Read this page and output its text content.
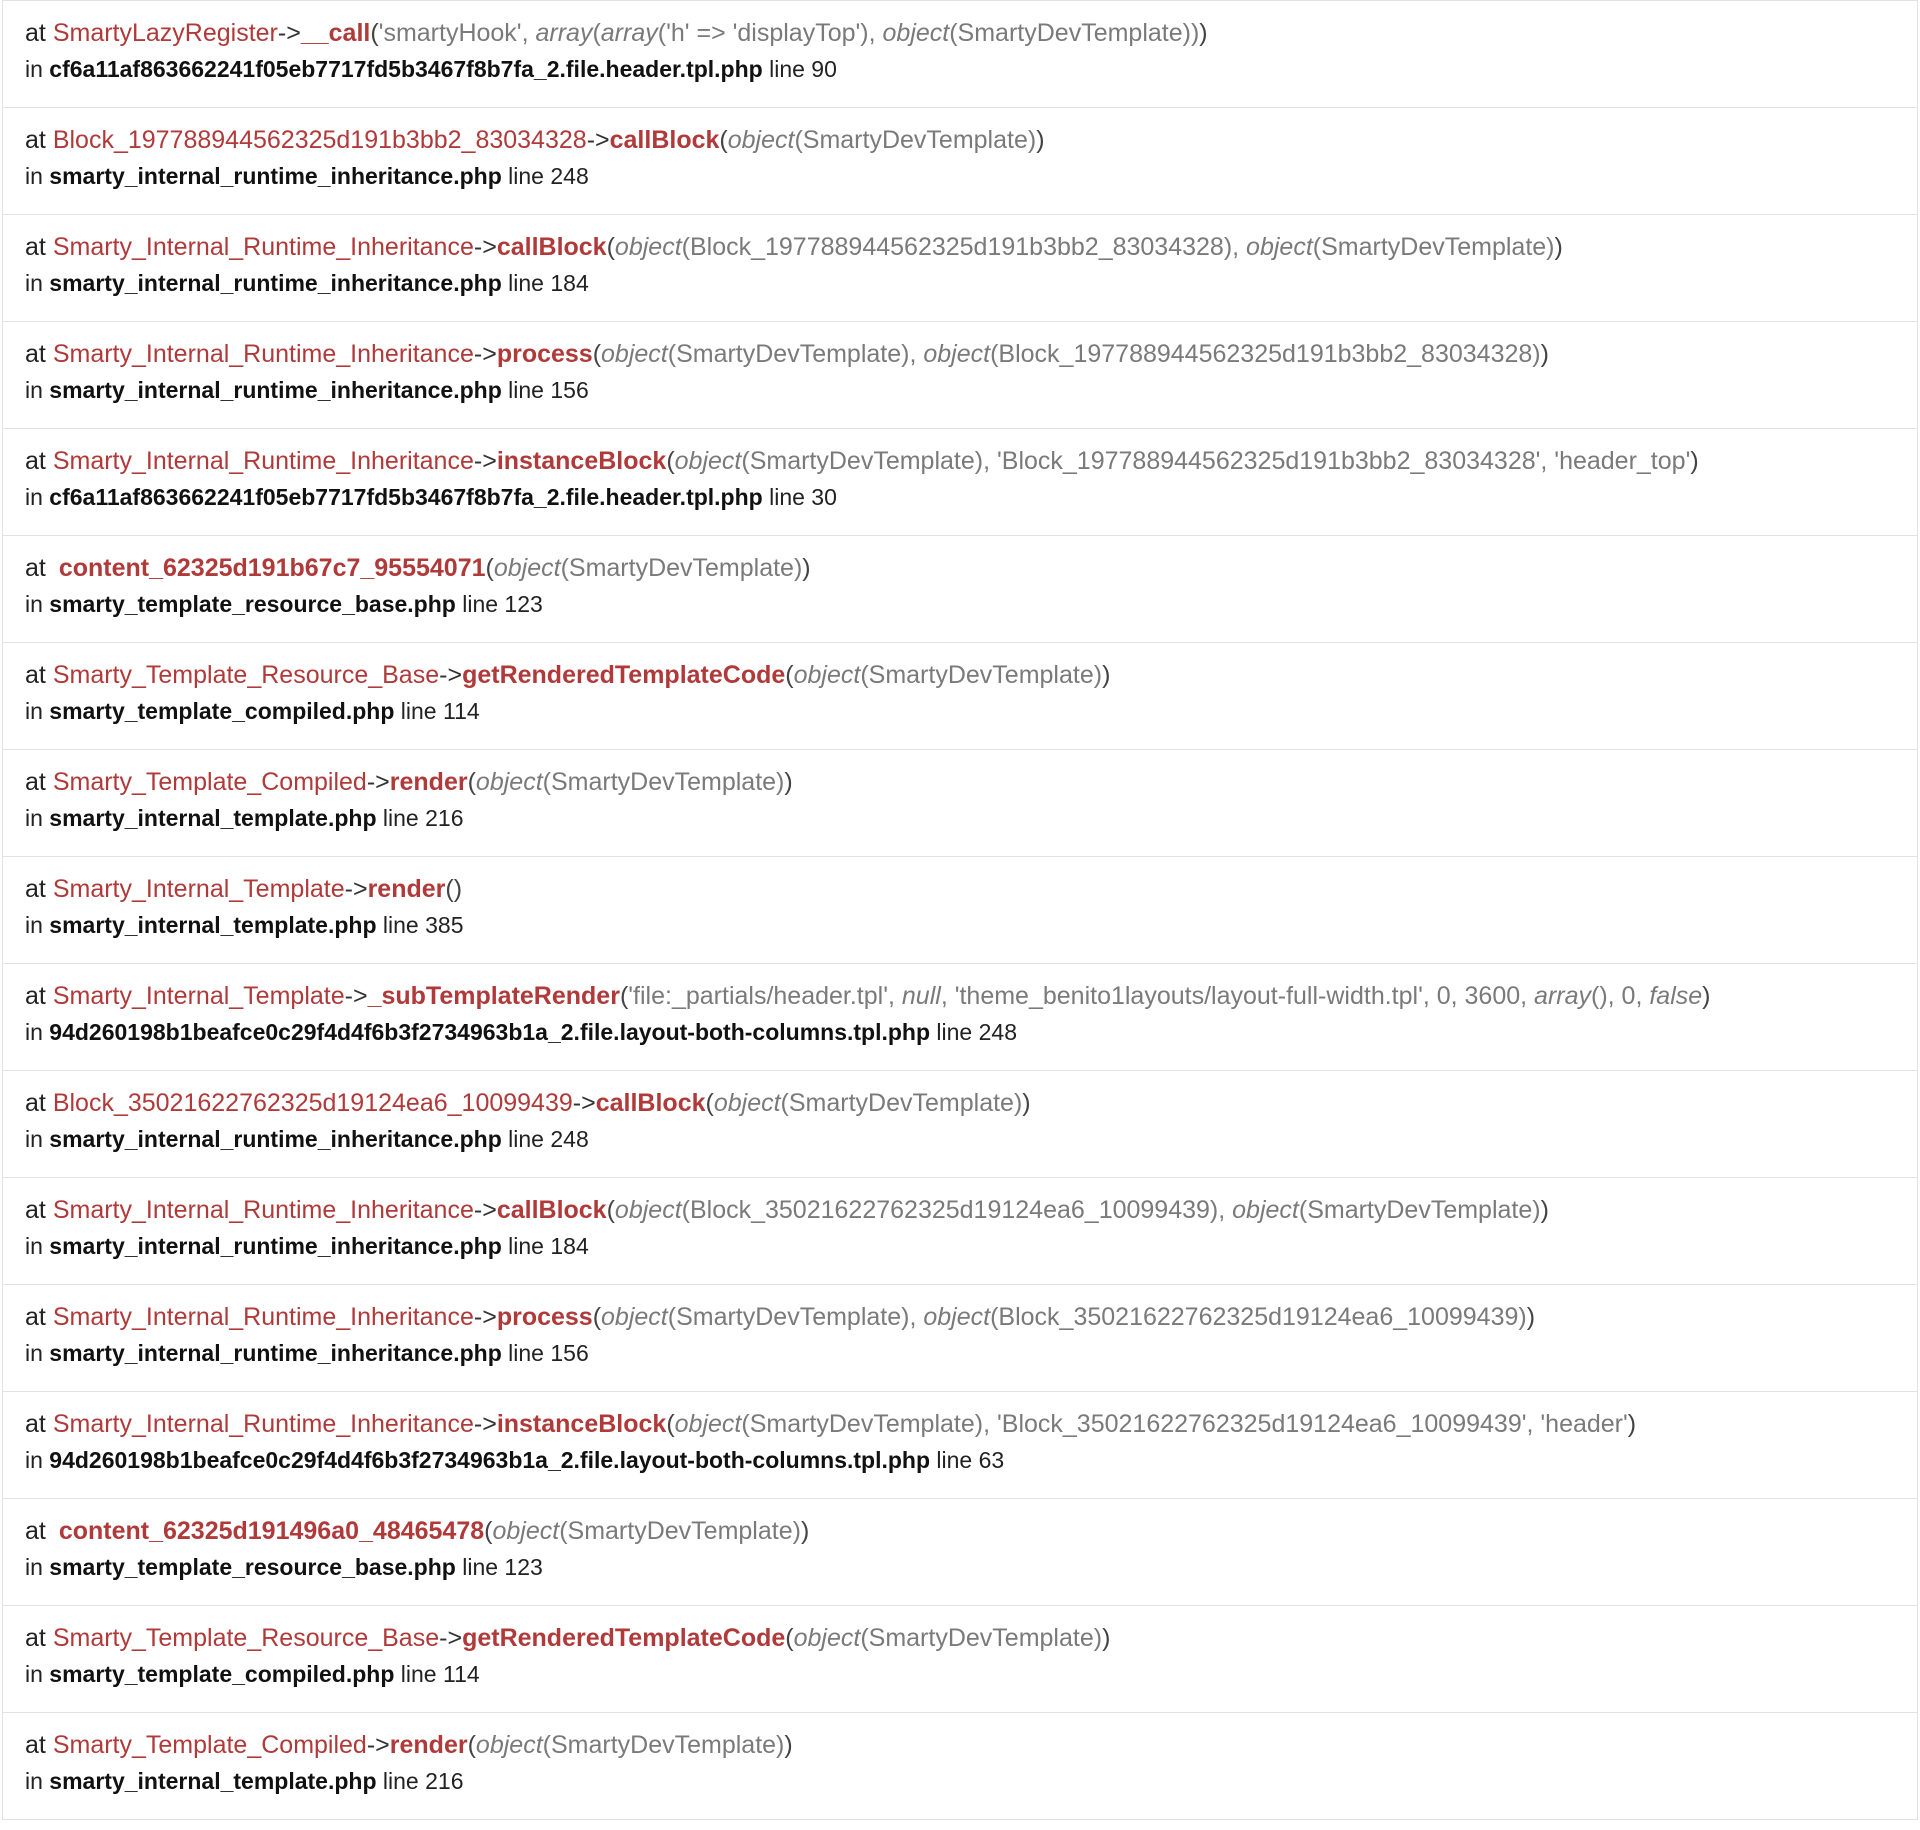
at SmartyLazyRegister->__call('smartyHook', array(array('h' => 'displayTop'), object(SmartyDevTemplate)))
in cf6a11af863662241f05eb7717fd5b3467f8b7fa_2.file.header.tpl.php line 90
at Block_197788944562325d191b3bb2_83034328->callBlock(object(SmartyDevTemplate))
in smarty_internal_runtime_inheritance.php line 248
at Smarty_Internal_Runtime_Inheritance->callBlock(object(Block_197788944562325d191b3bb2_83034328), object(SmartyDevTemplate))
in smarty_internal_runtime_inheritance.php line 184
at Smarty_Internal_Runtime_Inheritance->process(object(SmartyDevTemplate), object(Block_197788944562325d191b3bb2_83034328))
in smarty_internal_runtime_inheritance.php line 156
at Smarty_Internal_Runtime_Inheritance->instanceBlock(object(SmartyDevTemplate), 'Block_197788944562325d191b3bb2_83034328', 'header_top')
in cf6a11af863662241f05eb7717fd5b3467f8b7fa_2.file.header.tpl.php line 30
at content_62325d191b67c7_95554071(object(SmartyDevTemplate))
in smarty_template_resource_base.php line 123
at Smarty_Template_Resource_Base->getRenderedTemplateCode(object(SmartyDevTemplate))
in smarty_template_compiled.php line 114
at Smarty_Template_Compiled->render(object(SmartyDevTemplate))
in smarty_internal_template.php line 216
at Smarty_Internal_Template->render()
in smarty_internal_template.php line 385
at Smarty_Internal_Template->_subTemplateRender('file:_partials/header.tpl', null, 'theme_benito1layouts/layout-full-width.tpl', 0, 3600, array(), 0, false)
in 94d260198b1beafce0c29f4d4f6b3f2734963b1a_2.file.layout-both-columns.tpl.php line 248
at Block_35021622762325d19124ea6_10099439->callBlock(object(SmartyDevTemplate))
in smarty_internal_runtime_inheritance.php line 248
at Smarty_Internal_Runtime_Inheritance->callBlock(object(Block_35021622762325d19124ea6_10099439), object(SmartyDevTemplate))
in smarty_internal_runtime_inheritance.php line 184
at Smarty_Internal_Runtime_Inheritance->process(object(SmartyDevTemplate), object(Block_35021622762325d19124ea6_10099439))
in smarty_internal_runtime_inheritance.php line 156
at Smarty_Internal_Runtime_Inheritance->instanceBlock(object(SmartyDevTemplate), 'Block_35021622762325d19124ea6_10099439', 'header')
in 94d260198b1beafce0c29f4d4f6b3f2734963b1a_2.file.layout-both-columns.tpl.php line 63
at content_62325d191496a0_48465478(object(SmartyDevTemplate))
in smarty_template_resource_base.php line 123
at Smarty_Template_Resource_Base->getRenderedTemplateCode(object(SmartyDevTemplate))
in smarty_template_compiled.php line 114
at Smarty_Template_Compiled->render(object(SmartyDevTemplate))
in smarty_internal_template.php line 216
